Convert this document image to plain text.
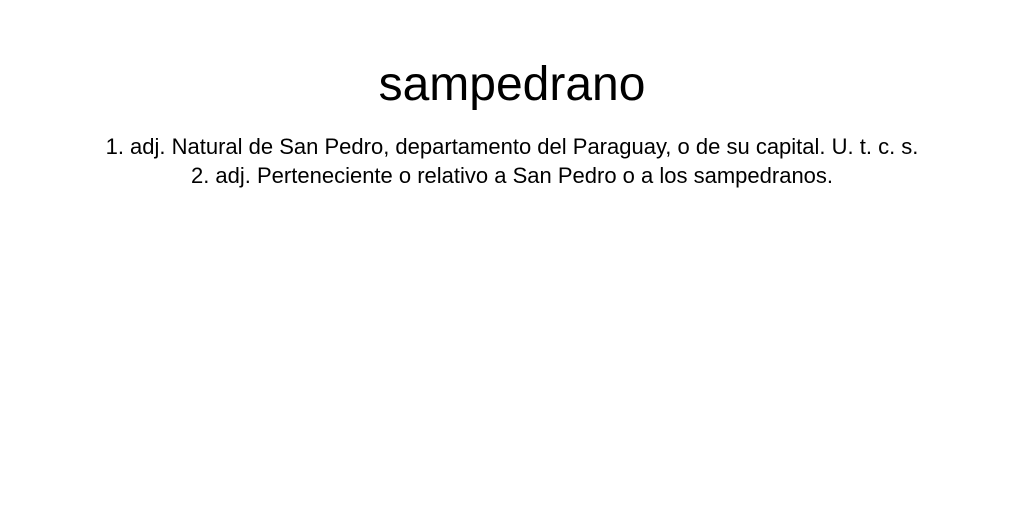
sampedrano

1. adj. Natural de San Pedro, departamento del Paraguay, o de su capital. U. t. c. s.

2. adj. Perteneciente o relativo a San Pedro o a los sampedranos.
